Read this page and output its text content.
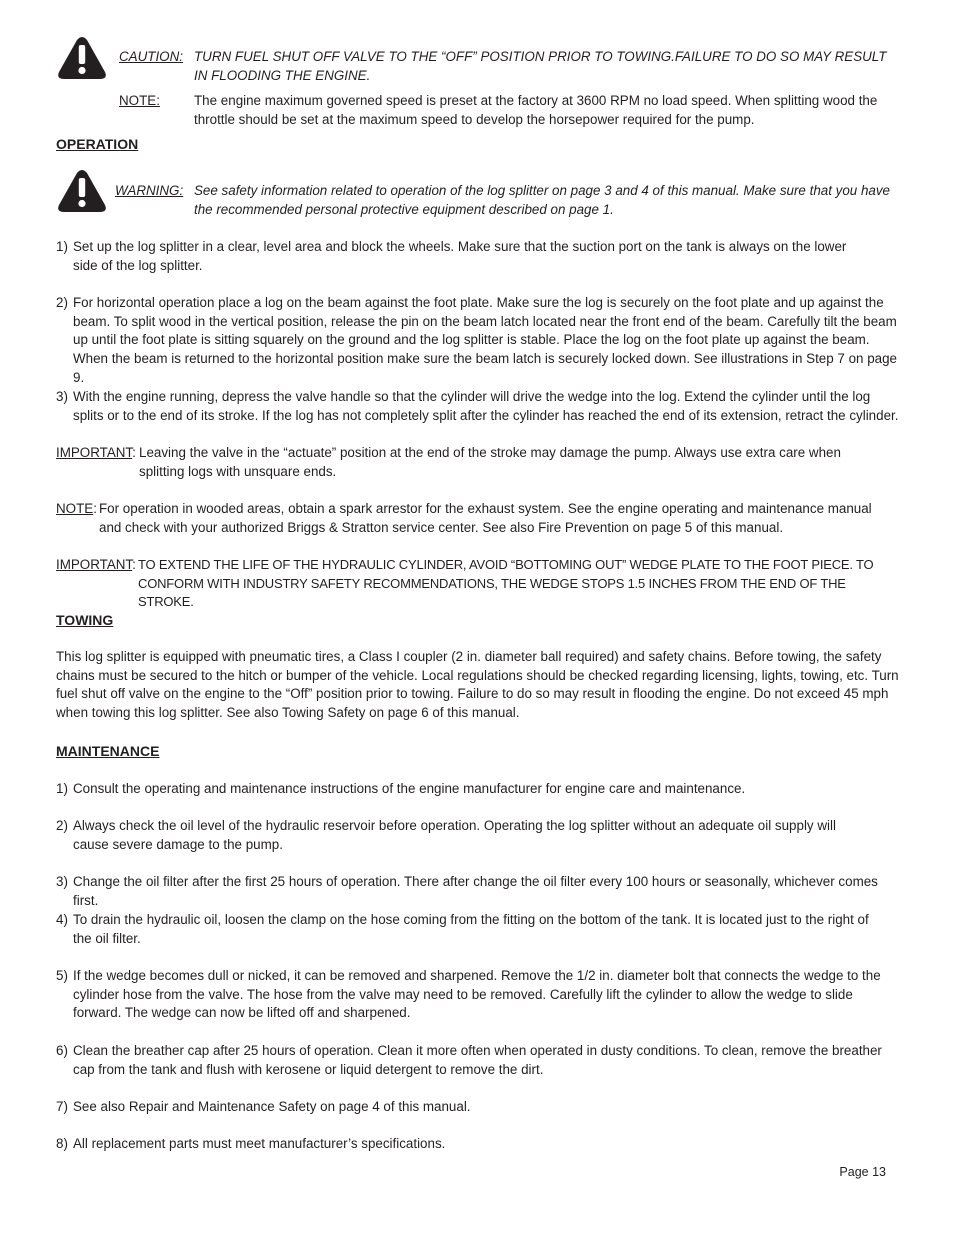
CAUTION: TURN FUEL SHUT OFF VALVE TO THE “OFF” POSITION PRIOR TO TOWING.FAILURE TO DO SO MAY RESULT IN FLOODING THE ENGINE.
NOTE:	The engine maximum governed speed is preset at the factory at 3600 RPM no load speed. When splitting wood the throttle should be set at the maximum speed to develop the horsepower required for the pump.
OPERATION
WARNING: See safety information related to operation of the log splitter on page 3 and 4 of this manual. Make sure that you have the recommended personal protective equipment described on page 1.
1) Set up the log splitter in a clear, level area and block the wheels. Make sure that the suction port on the tank is always on the lower side of the log splitter.
2) For horizontal operation place a log on the beam against the foot plate. Make sure the log is securely on the foot plate and up against the beam. To split wood in the vertical position, release the pin on the beam latch located near the front end of the beam. Carefully tilt the beam up until the foot plate is sitting squarely on the ground and the log splitter is stable. Place the log on the foot plate up against the beam. When the beam is returned to the horizontal position make sure the beam latch is securely locked down. See illustrations in Step 7 on page 9.
3) With the engine running, depress the valve handle so that the cylinder will drive the wedge into the log. Extend the cylinder until the log splits or to the end of its stroke. If the log has not completely split after the cylinder has reached the end of its extension, retract the cylinder.
IMPORTANT: Leaving the valve in the “actuate” position at the end of the stroke may damage the pump. Always use extra care when splitting logs with unsquare ends.
NOTE: For operation in wooded areas, obtain a spark arrestor for the exhaust system. See the engine operating and maintenance manual and check with your authorized Briggs & Stratton service center. See also Fire Prevention on page 5 of this manual.
IMPORTANT: TO EXTEND THE LIFE OF THE HYDRAULIC CYLINDER, AVOID “BOTTOMING OUT” WEDGE PLATE TO THE FOOT PIECE. TO CONFORM WITH INDUSTRY SAFETY RECOMMENDATIONS, THE WEDGE STOPS 1.5 INCHES FROM THE END OF THE STROKE.
TOWING
This log splitter is equipped with pneumatic tires, a Class I coupler (2 in. diameter ball required) and safety chains. Before towing, the safety chains must be secured to the hitch or bumper of the vehicle. Local regulations should be checked regarding licensing, lights, towing, etc. Turn fuel shut off valve on the engine to the “Off” position prior to towing. Failure to do so may result in flooding the engine. Do not exceed 45 mph when towing this log splitter. See also Towing Safety on page 6 of this manual.
MAINTENANCE
1) Consult the operating and maintenance instructions of the engine manufacturer for engine care and maintenance.
2) Always check the oil level of the hydraulic reservoir before operation. Operating the log splitter without an adequate oil supply will cause severe damage to the pump.
3) Change the oil filter after the first 25 hours of operation. There after change the oil filter every 100 hours or seasonally, whichever comes first.
4) To drain the hydraulic oil, loosen the clamp on the hose coming from the fitting on the bottom of the tank. It is located just to the right of the oil filter.
5) If the wedge becomes dull or nicked, it can be removed and sharpened. Remove the 1/2 in. diameter bolt that connects the wedge to the cylinder hose from the valve. The hose from the valve may need to be removed. Carefully lift the cylinder to allow the wedge to slide forward. The wedge can now be lifted off and sharpened.
6) Clean the breather cap after 25 hours of operation. Clean it more often when operated in dusty conditions. To clean, remove the breather cap from the tank and flush with kerosene or liquid detergent to remove the dirt.
7) See also Repair and Maintenance Safety on page 4 of this manual.
8) All replacement parts must meet manufacturer’s specifications.
Page 13
